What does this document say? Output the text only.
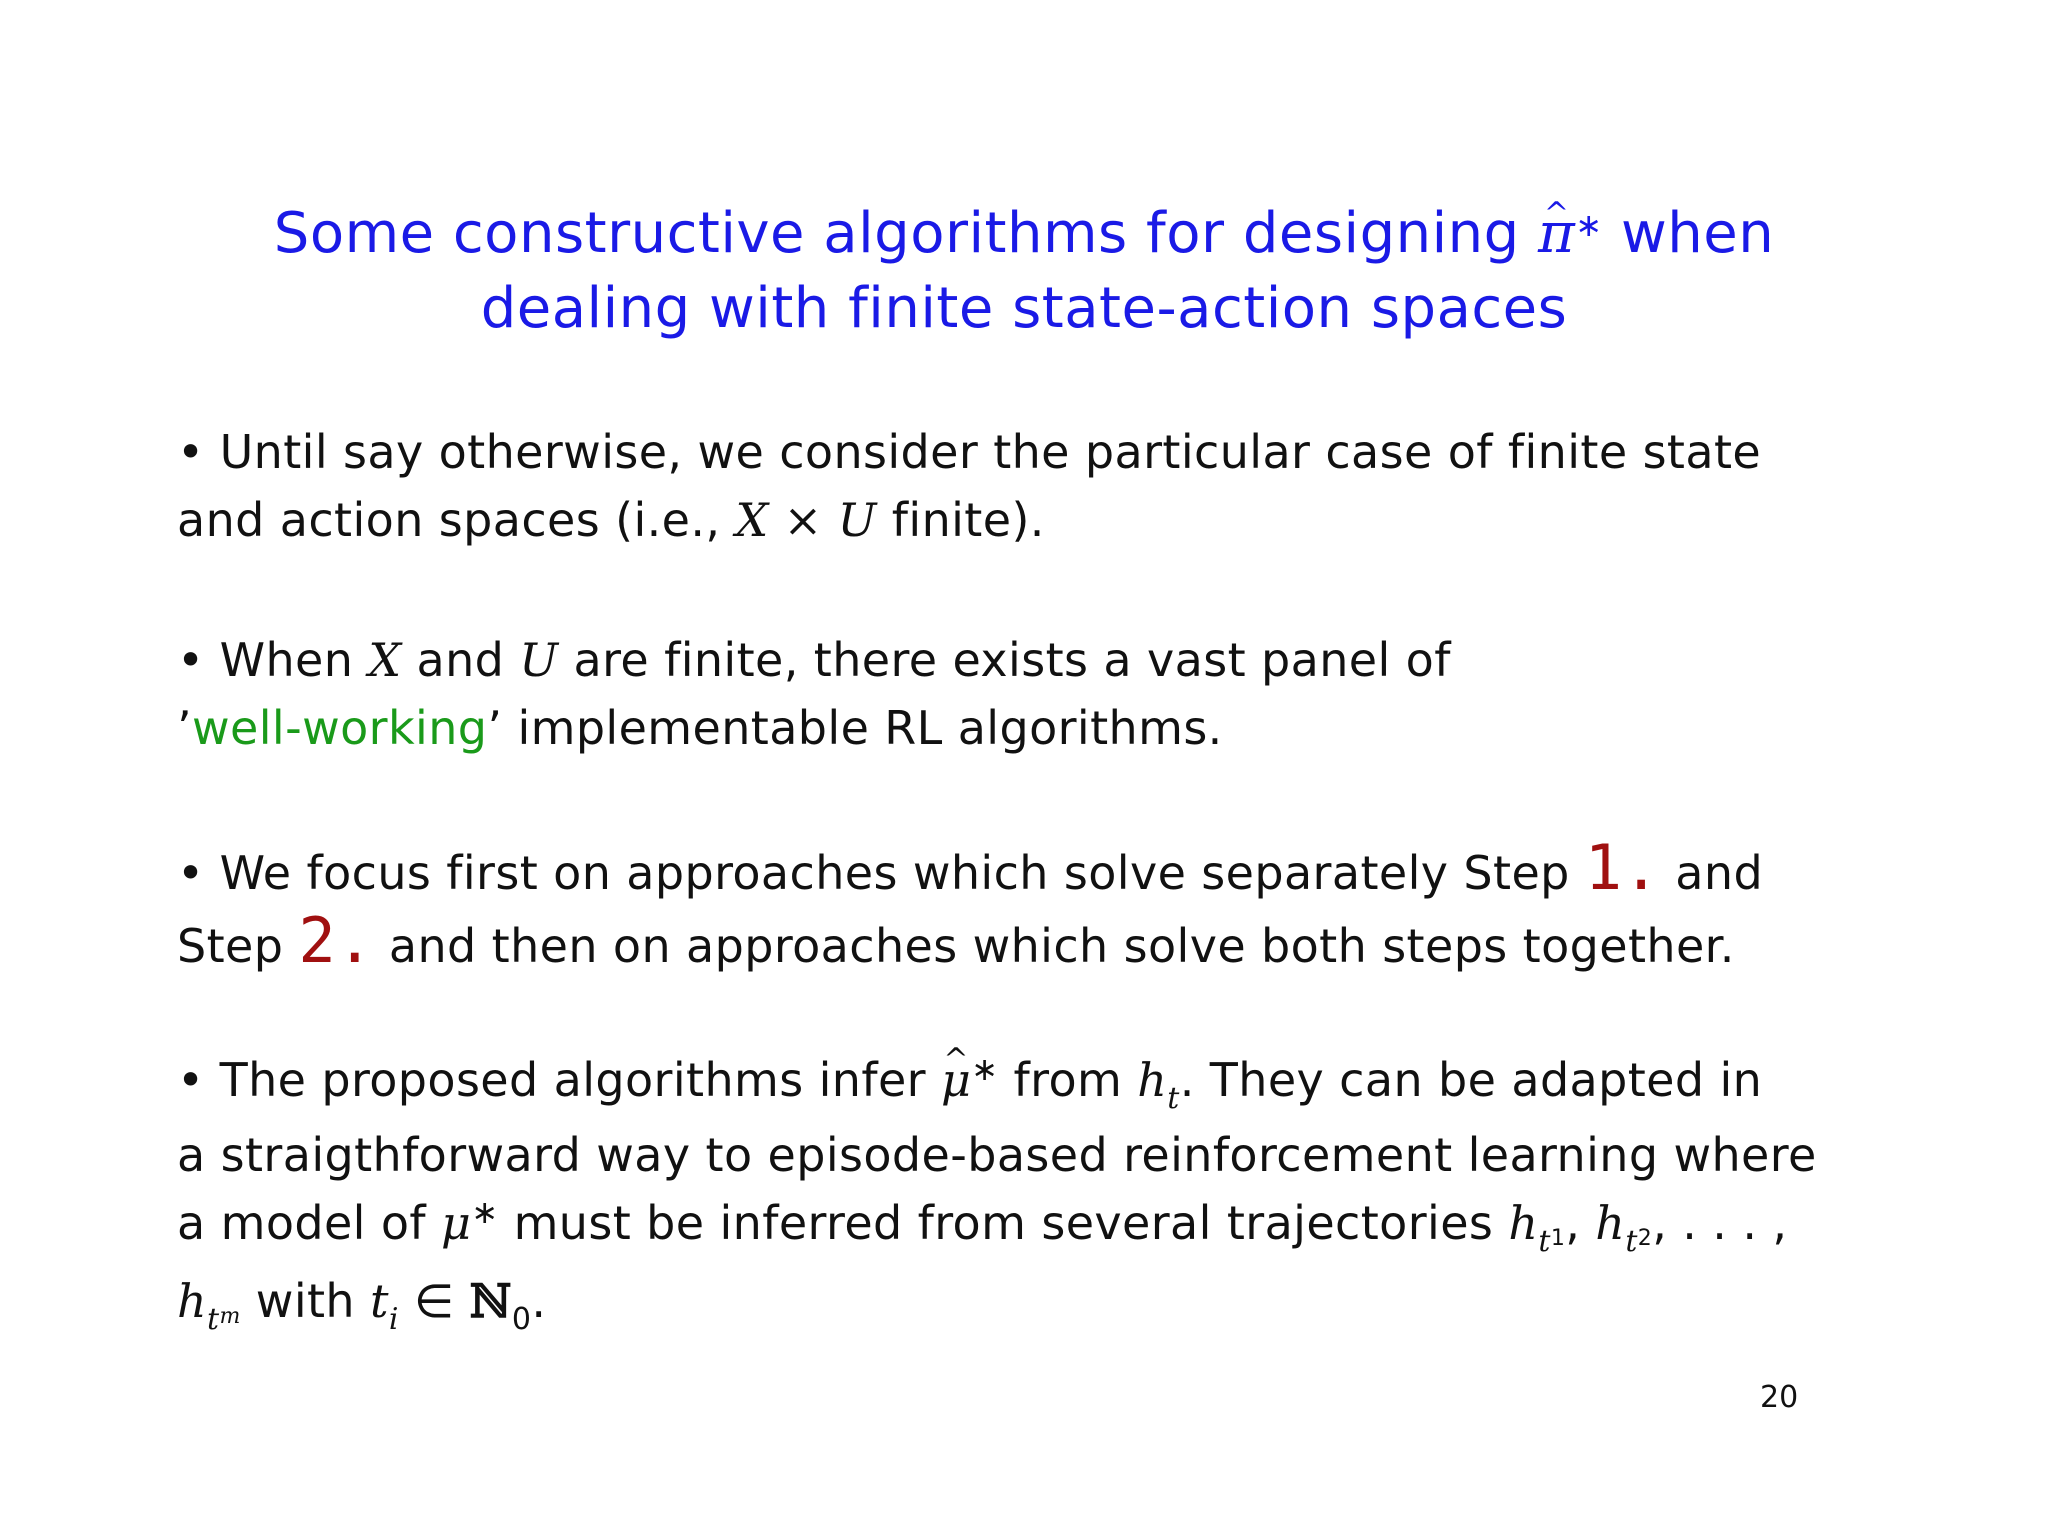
Some constructive algorithms for designing ^ π∗ when
dealing with finite state-action spaces

• Until say otherwise, we consider the particular case of finite state

and action spaces (i.e., X × U finite).

• When X and U are finite, there exists a vast panel of

’well-working’ implementable RL algorithms.

• We focus first on approaches which solve separately Step 1. and

Step 2. and then on approaches which solve both steps together.

• The proposed algorithms infer ^ μ∗ from $h_t$. They can be adapted in

a straigthforward way to episode-based reinforcement learning where

a model of μ∗ must be inferred from several trajectories $h_t1$, $h_t2$, . . . ,

$h_tm$ with $t_i$ ∈ ℕ$_0$.

20
